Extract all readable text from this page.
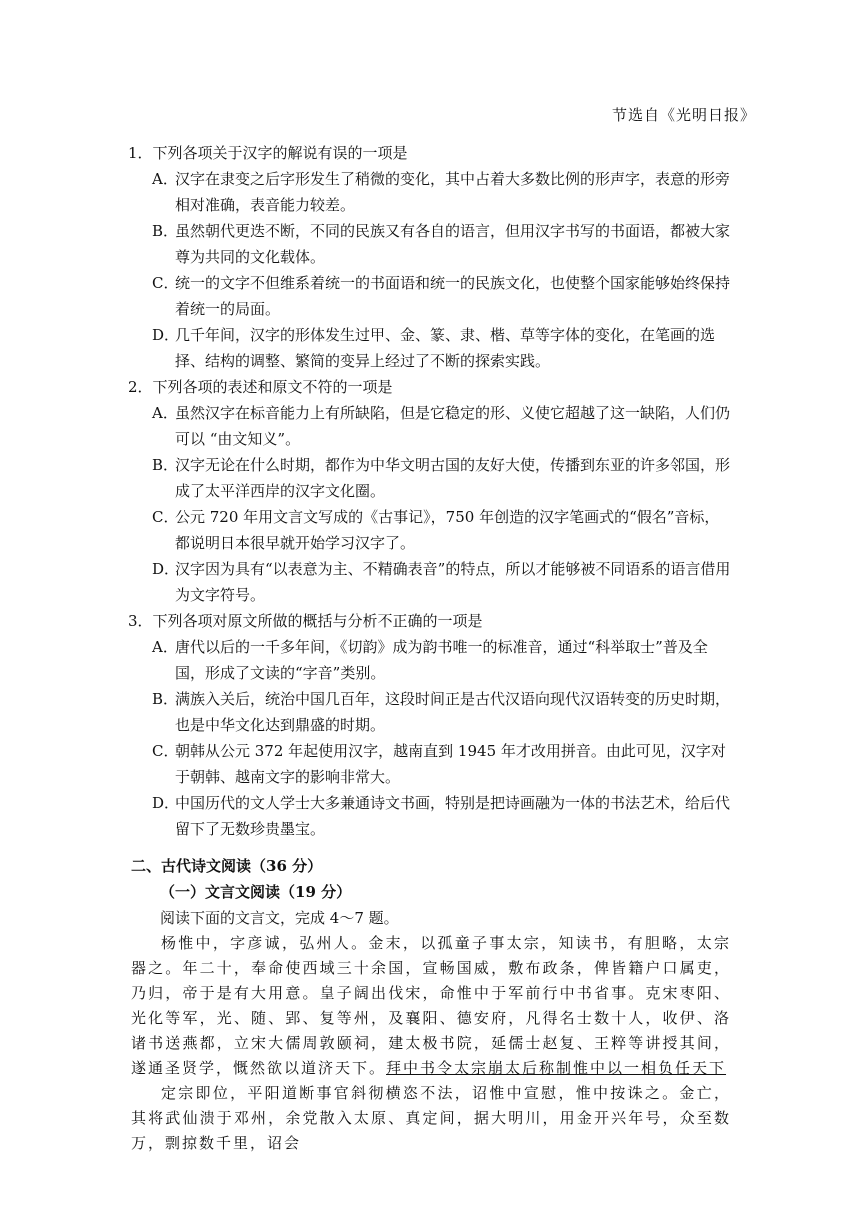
节选自《光明日报》

1．下列各项关于汉字的解说有误的一项是

A．汉字在隶变之后字形发生了稍微的变化，其中占着大多数比例的形声字，表意的形旁相对准确，表音能力较差。

B．虽然朝代更迭不断，不同的民族又有各自的语言，但用汉字书写的书面语，都被大家尊为共同的文化载体。

C．统一的文字不但维系着统一的书面语和统一的民族文化，也使整个国家能够始终保持着统一的局面。

D．几千年间，汉字的形体发生过甲、金、篆、隶、楷、草等字体的变化，在笔画的选择、结构的调整、繁简的变异上经过了不断的探索实践。

2．下列各项的表述和原文不符的一项是

A．虽然汉字在标音能力上有所缺陷，但是它稳定的形、义使它超越了这一缺陷，人们仍可以 “由文知义”。

B．汉字无论在什么时期，都作为中华文明古国的友好大使，传播到东亚的许多邻国，形成了太平洋西岸的汉字文化圈。

C．公元 720 年用文言文写成的《古事记》，750 年创造的汉字笔画式的“假名”音标，都说明日本很早就开始学习汉字了。

D．汉字因为具有“以表意为主、不精确表音”的特点，所以才能够被不同语系的语言借用为文字符号。

3．下列各项对原文所做的概括与分析不正确的一项是

A．唐代以后的一千多年间，《切韵》成为韵书唯一的标准音，通过“科举取士”普及全国，形成了文读的“字音”类别。

B．满族入关后，统治中国几百年，这段时间正是古代汉语向现代汉语转变的历史时期，也是中华文化达到鼎盛的时期。

C．朝韩从公元 372 年起使用汉字，越南直到 1945 年才改用拼音。由此可见，汉字对于朝韩、越南文字的影响非常大。

D．中国历代的文人学士大多兼通诗文书画，特别是把诗画融为一体的书法艺术，给后代留下了无数珍贵墨宝。

二、古代诗文阅读（36 分）
（一）文言文阅读（19 分）
阅读下面的文言文，完成 4～7 题。

杨惟中，字彦诚，弘州人。金末，以孤童子事太宗，知读书，有胆略，太宗器之。年二十，奉命使西域三十余国，宣畅国威，敷布政条，俾皆籍户口属吏，乃归，帝于是有大用意。皇子阔出伐宋，命惟中于军前行中书省事。克宋枣阳、光化等军，光、随、郢、复等州，及襄阳、德安府，凡得名士数十人，收伊、洛诸书送燕都，立宋大儒周敦颐祠，建太极书院，延儒士赵复、王粹等讲授其间，遂通圣贤学，慨然欲以道济天下。拜中书令太宗崩太后称制惟中以一相负任天下

定宗即位，平阳道断事官斜彻横恣不法，诏惟中宣慰，惟中按诛之。金亡，其将武仙溃于邓州，余党散入太原、真定间，据大明川，用金开兴年号，众至数万，剽掠数千里，诏会
